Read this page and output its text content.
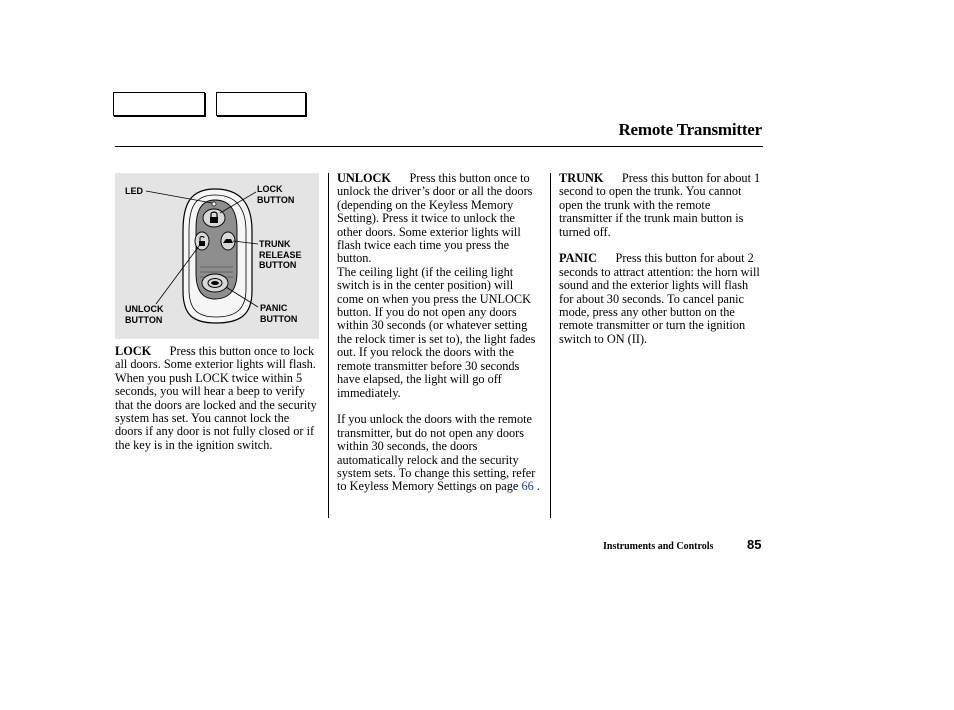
Remote Transmitter
LED	LOCK
BUTTON
TRUNK
RELEASE
BUTTON
UNLOCK
BUTTON
PANIC
BUTTON

LOCK Press this button once to lock all doors. Some exterior lights will flash. When you push LOCK twice within 5 seconds, you will hear a beep to verify that the doors are locked and the security system has set. You cannot lock the doors if any door is not fully closed or if the key is in the ignition switch.

UNLOCK Press this button once to unlock the driver’s door or all the doors (depending on the Keyless Memory Setting). Press it twice to unlock the other doors. Some exterior lights will flash twice each time you press the button.

The ceiling light (if the ceiling light switch is in the center position) will come on when you press the UNLOCK button. If you do not open any doors within 30 seconds (or whatever setting the relock timer is set to), the light fades out. If you relock the doors with the remote transmitter before 30 seconds have elapsed, the light will go off immediately.

If you unlock the doors with the remote transmitter, but do not open any doors within 30 seconds, the doors automatically relock and the security system sets. To change this setting, refer to Keyless Memory Settings on page 66 .

TRUNK Press this button for about 1 second to open the trunk. You cannot open the trunk with the remote transmitter if the trunk main button is turned off.

PANIC Press this button for about 2 seconds to attract attention: the horn will sound and the exterior lights will flash for about 30 seconds. To cancel panic mode, press any other button on the remote transmitter or turn the ignition switch to ON (II).

Instruments and Controls	85
